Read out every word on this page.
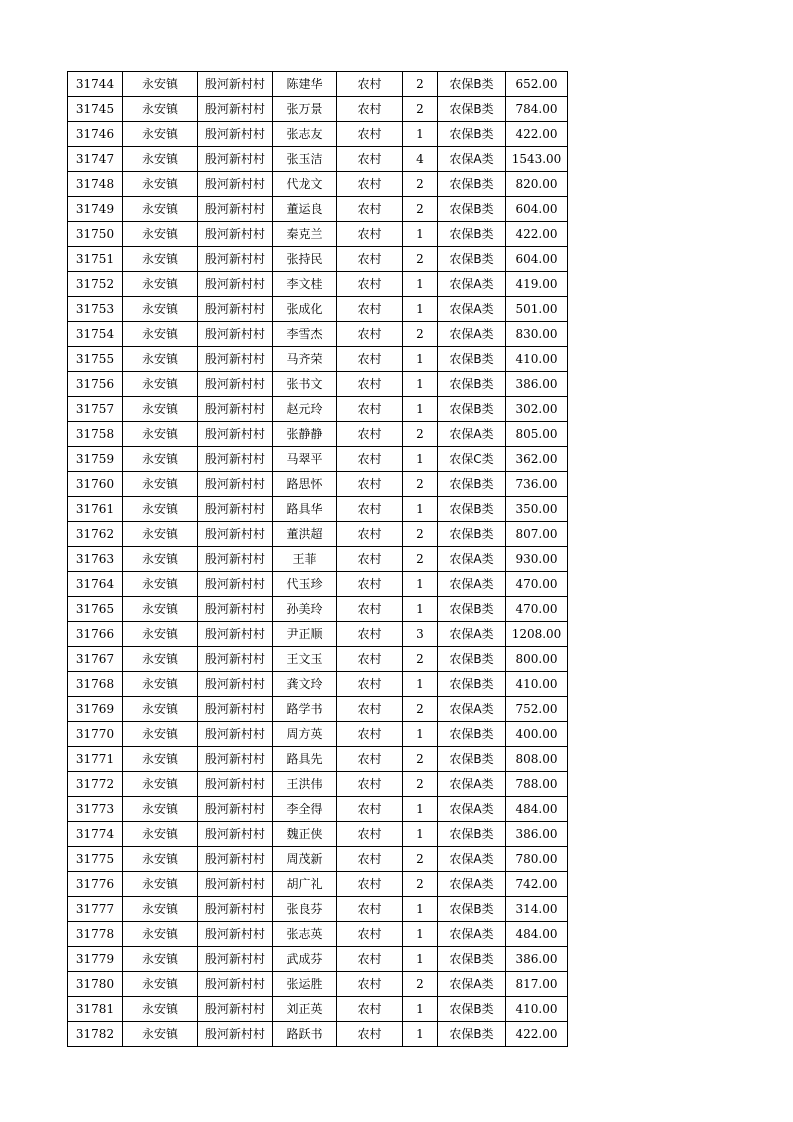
31744	永安镇	殷河新村村	陈建华	农村	2	农保B类	652.00
31745	永安镇	殷河新村村	张万景	农村	2	农保B类	784.00
31746	永安镇	殷河新村村	张志友	农村	1	农保B类	422.00
31747	永安镇	殷河新村村	张玉洁	农村	4	农保A类	1543.00
31748	永安镇	殷河新村村	代龙文	农村	2	农保B类	820.00
31749	永安镇	殷河新村村	董运良	农村	2	农保B类	604.00
31750	永安镇	殷河新村村	秦克兰	农村	1	农保B类	422.00
31751	永安镇	殷河新村村	张持民	农村	2	农保B类	604.00
31752	永安镇	殷河新村村	李文桂	农村	1	农保A类	419.00
31753	永安镇	殷河新村村	张成化	农村	1	农保A类	501.00
31754	永安镇	殷河新村村	李雪杰	农村	2	农保A类	830.00
31755	永安镇	殷河新村村	马齐荣	农村	1	农保B类	410.00
31756	永安镇	殷河新村村	张书文	农村	1	农保B类	386.00
31757	永安镇	殷河新村村	赵元玲	农村	1	农保B类	302.00
31758	永安镇	殷河新村村	张静静	农村	2	农保A类	805.00
31759	永安镇	殷河新村村	马翠平	农村	1	农保C类	362.00
31760	永安镇	殷河新村村	路思怀	农村	2	农保B类	736.00
31761	永安镇	殷河新村村	路具华	农村	1	农保B类	350.00
31762	永安镇	殷河新村村	董洪超	农村	2	农保B类	807.00
31763	永安镇	殷河新村村	王菲	农村	2	农保A类	930.00
31764	永安镇	殷河新村村	代玉珍	农村	1	农保A类	470.00
31765	永安镇	殷河新村村	孙美玲	农村	1	农保B类	470.00
31766	永安镇	殷河新村村	尹正顺	农村	3	农保A类	1208.00
31767	永安镇	殷河新村村	王文玉	农村	2	农保B类	800.00
31768	永安镇	殷河新村村	龚文玲	农村	1	农保B类	410.00
31769	永安镇	殷河新村村	路学书	农村	2	农保A类	752.00
31770	永安镇	殷河新村村	周方英	农村	1	农保B类	400.00
31771	永安镇	殷河新村村	路具先	农村	2	农保B类	808.00
31772	永安镇	殷河新村村	王洪伟	农村	2	农保A类	788.00
31773	永安镇	殷河新村村	李全得	农村	1	农保A类	484.00
31774	永安镇	殷河新村村	魏正侠	农村	1	农保B类	386.00
31775	永安镇	殷河新村村	周茂新	农村	2	农保A类	780.00
31776	永安镇	殷河新村村	胡广礼	农村	2	农保A类	742.00
31777	永安镇	殷河新村村	张良芬	农村	1	农保B类	314.00
31778	永安镇	殷河新村村	张志英	农村	1	农保A类	484.00
31779	永安镇	殷河新村村	武成芬	农村	1	农保B类	386.00
31780	永安镇	殷河新村村	张运胜	农村	2	农保A类	817.00
31781	永安镇	殷河新村村	刘正英	农村	1	农保B类	410.00
31782	永安镇	殷河新村村	路跃书	农村	1	农保B类	422.00
